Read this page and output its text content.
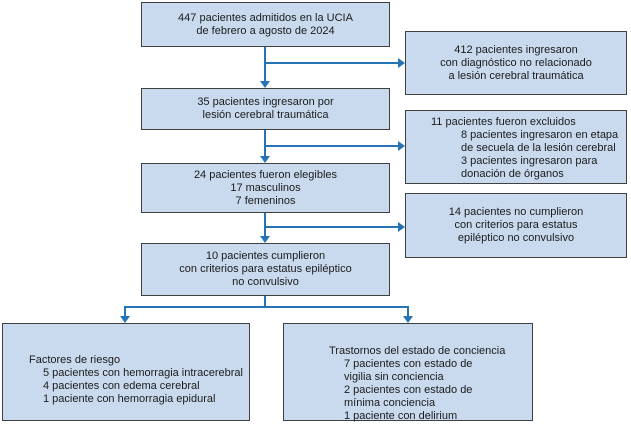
447 pacientes admitidos en la UCIA
de febrero a agosto de 2024
35 pacientes ingresaron por
lesión cerebral traumática
24 pacientes fueron elegibles
17 masculinos
7 femeninos
10 pacientes cumplieron
con criterios para estatus epiléptico
no convulsivo
412 pacientes ingresaron
con diagnóstico no relacionado
a lesión cerebral traumática
11 pacientes fueron excluidos
8 pacientes ingresaron en etapa
de secuela de la lesión cerebral
3 pacientes ingresaron para
donación de órganos
14 pacientes no cumplieron
con criterios para estatus
epiléptico no convulsivo
Factores de riesgo
5 pacientes con hemorragia intracerebral
4 pacientes con edema cerebral
1 paciente con hemorragia epidural
Trastornos del estado de conciencia
7 pacientes con estado de
vigilia sin conciencia
2 pacientes con estado de
mínima conciencia
1 paciente con delirium
